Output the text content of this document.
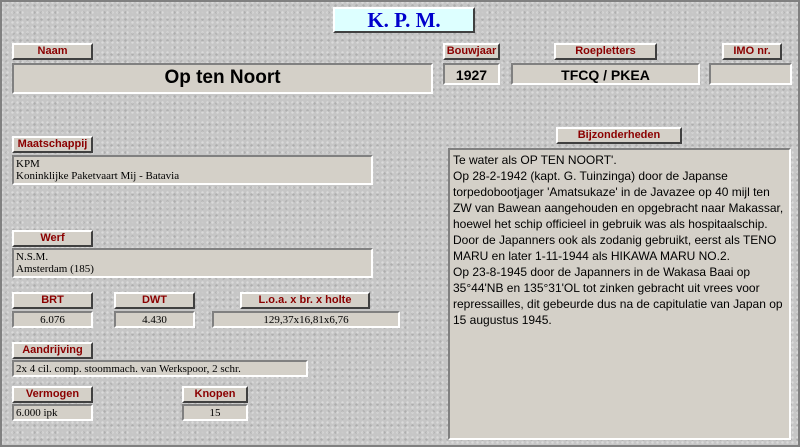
K. P. M.
Naam
Op ten Noort
Bouwjaar
1927
Roepletters
TFCQ / PKEA
IMO nr.
Maatschappij
KPM
Koninklijke Paketvaart Mij - Batavia
Werf
N.S.M.
Amsterdam (185)
BRT
6.076
DWT
4.430
L.o.a. x br. x holte
129,37x16,81x6,76
Aandrijving
2x 4 cil. comp. stoommach. van Werkspoor, 2 schr.
Vermogen
6.000 ipk
Knopen
15
Bijzonderheden

Te water als OP TEN NOORT'.

Op 28-2-1942 (kapt. G. Tuinzinga) door de Japanse torpedobootjager 'Amatsukaze' in de Javazee op 40 mijl ten ZW van Bawean aangehouden en opgebracht naar Makassar, hoewel het schip officieel in gebruik was als hospitaalschip.

Door de Japanners ook als zodanig gebruikt, eerst als TENO MARU en later 1-11-1944 als HIKAWA MARU NO.2.

Op 23-8-1945 door de Japanners in de Wakasa Baai op 35°44'NB en 135°31'OL tot zinken gebracht uit vrees voor repressailles, dit gebeurde dus na de capitulatie van Japan op 15 augustus 1945.
